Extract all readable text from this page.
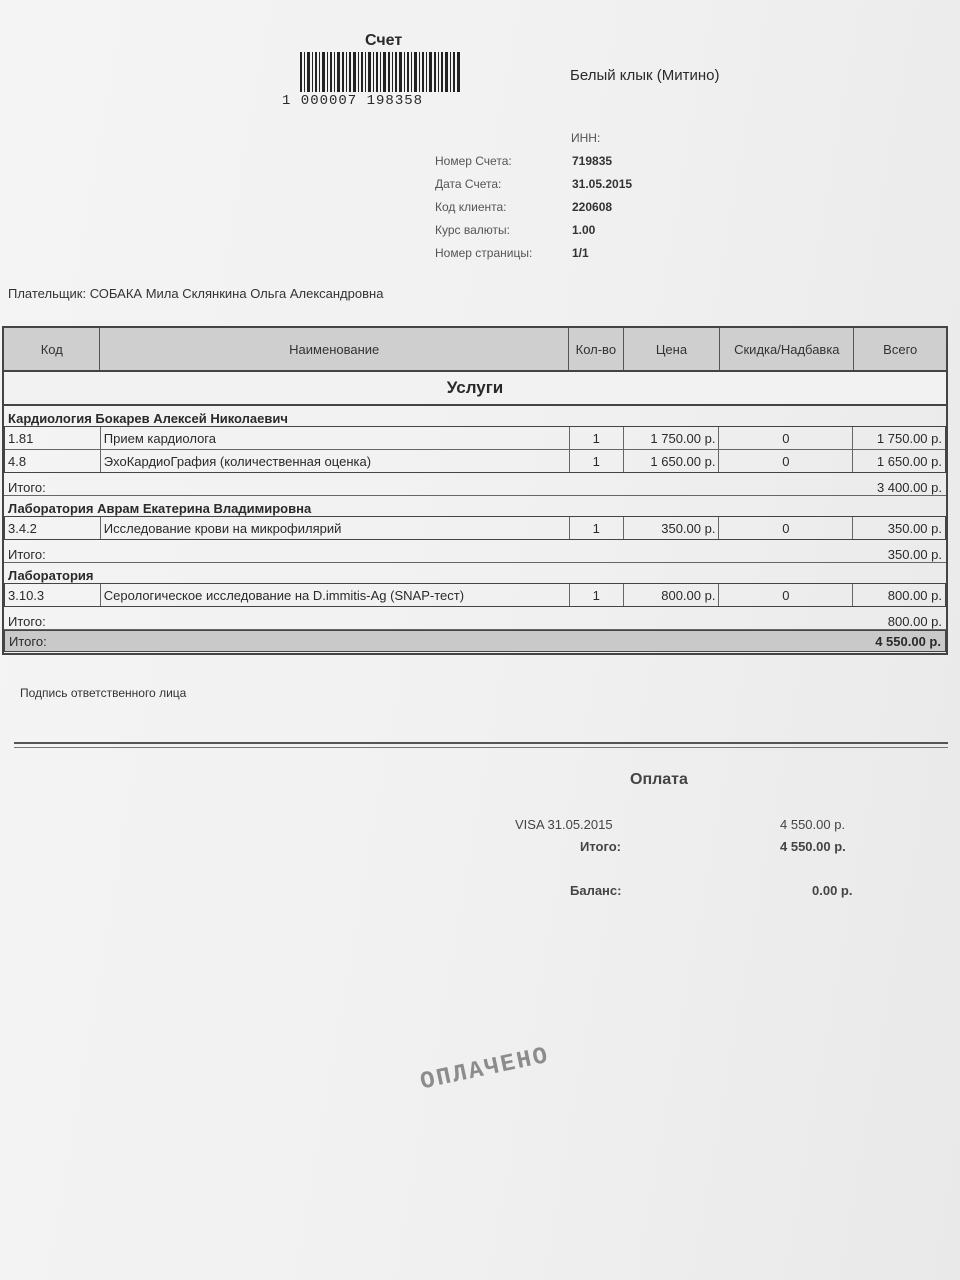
Счет
1 000007 198358
Белый клык (Митино)
ИНН:
Номер Счета:	719835
Дата Счета:	31.05.2015
Код клиента:	220608
Курс валюты:	1.00
Номер страницы:	1/1
Плательщик: СОБАКА Мила Склянкина Ольга Александровна
Код	Наименование	Кол-во	Цена	Скидка/Надбавка	Всего
Услуги
Кардиология Бокарев Алексей Николаевич
1.81	Прием кардиолога	1	1 750.00 р.	0	1 750.00 р.
4.8	ЭхоКардиоГрафия (количественная оценка)	1	1 650.00 р.	0	1 650.00 р.
Итого:	3 400.00 р.
Лаборатория Аврам Екатерина Владимировна
3.4.2	Исследование крови на микрофилярий	1	350.00 р.	0	350.00 р.
Итого:	350.00 р.
Лаборатория
3.10.3	Серологическое исследование на D.immitis-Ag (SNAP-тест)	1	800.00 р.	0	800.00 р.
Итого:	800.00 р.
Итого:	4 550.00 р.
Подпись ответственного лица
Оплата
VISA 31.05.2015	4 550.00 р.
Итого:	4 550.00 р.
Баланс:	0.00 р.
ОПЛАЧЕНО
